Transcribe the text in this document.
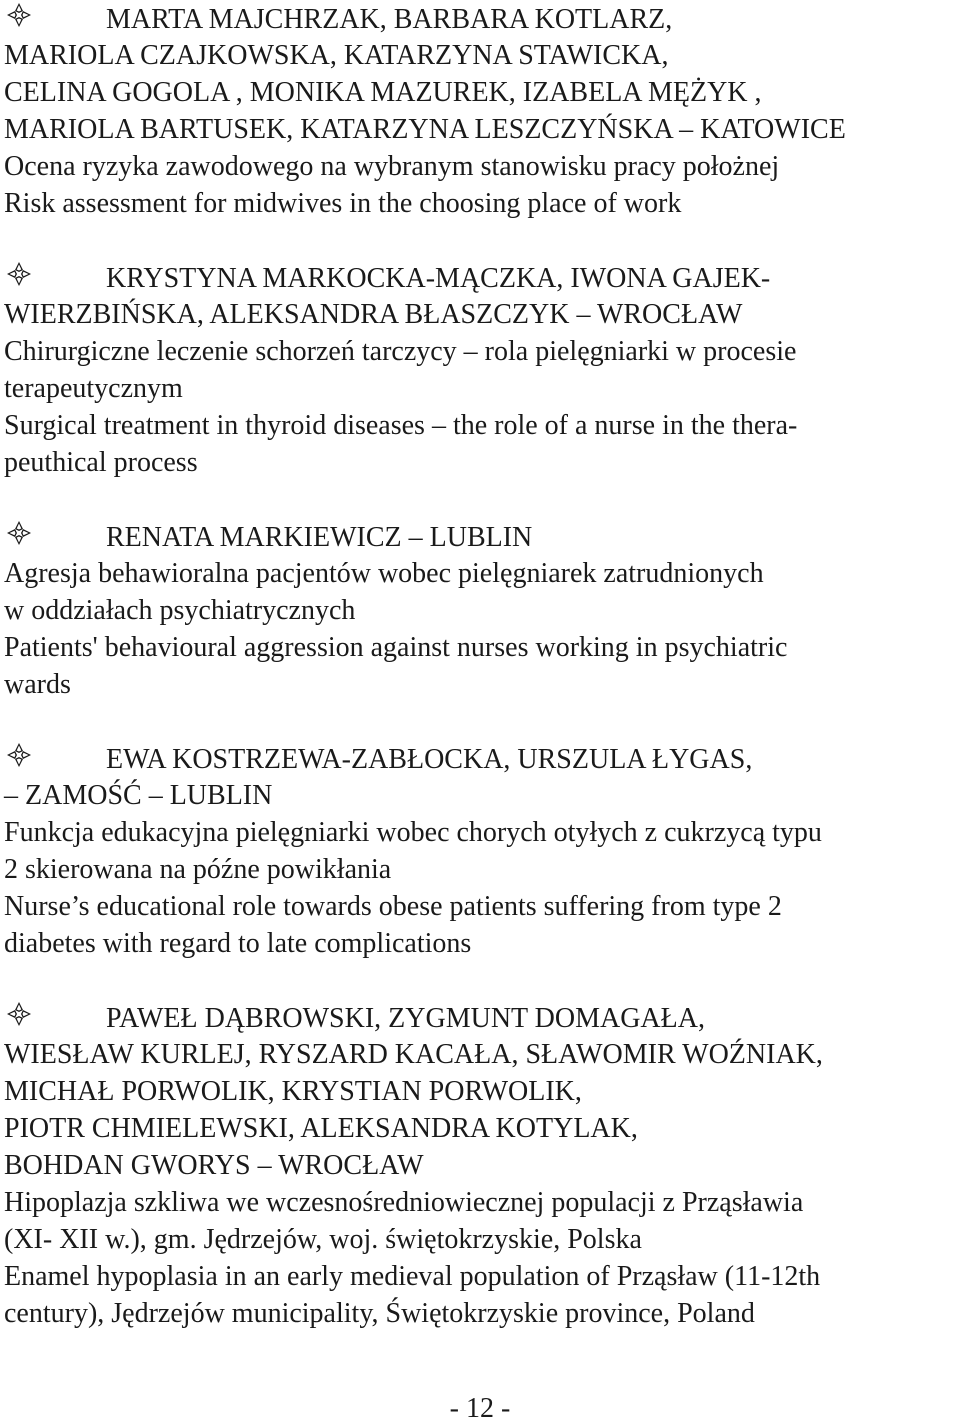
MARTA MAJCHRZAK, BARBARA KOTLARZ,
MARIOLA CZAJKOWSKA, KATARZYNA STAWICKA,
CELINA GOGOLA , MONIKA MAZUREK, IZABELA MĘŻYK ,
MARIOLA BARTUSEK, KATARZYNA LESZCZYŃSKA – KATOWICE
Ocena ryzyka zawodowego na wybranym stanowisku pracy położnej
Risk assessment for midwives in the choosing place of work
KRYSTYNA MARKOCKA-MĄCZKA, IWONA GAJEK-
WIERZBIŃSKA, ALEKSANDRA BŁASZCZYK – WROCŁAW
Chirurgiczne leczenie schorzeń tarczycy – rola pielęgniarki w procesie
terapeutycznym
Surgical treatment in thyroid diseases – the role of a nurse in the thera-
peuthical process
RENATA MARKIEWICZ – LUBLIN
Agresja behawioralna pacjentów wobec pielęgniarek zatrudnionych
w oddziałach psychiatrycznych
Patients' behavioural aggression against nurses working in psychiatric
wards
EWA KOSTRZEWA-ZABŁOCKA, URSZULA ŁYGAS,
– ZAMOŚĆ – LUBLIN
Funkcja edukacyjna pielęgniarki wobec chorych otyłych z cukrzycą typu
2 skierowana na późne powikłania
Nurse’s educational role towards obese patients suffering from type 2
diabetes with regard to late complications
PAWEŁ DĄBROWSKI, ZYGMUNT DOMAGAŁA,
WIESŁAW KURLEJ, RYSZARD KACAŁA, SŁAWOMIR WOŹNIAK,
MICHAŁ PORWOLIK, KRYSTIAN PORWOLIK,
PIOTR CHMIELEWSKI, ALEKSANDRA KOTYLAK,
BOHDAN GWORYS – WROCŁAW
Hipoplazja szkliwa we wczesnośredniowiecznej populacji z Prząsławia
(XI- XII w.), gm. Jędrzejów, woj. świętokrzyskie, Polska
Enamel hypoplasia in an early medieval population of Prząsław (11-12th
century), Jędrzejów municipality, Świętokrzyskie province, Poland
- 12 -
